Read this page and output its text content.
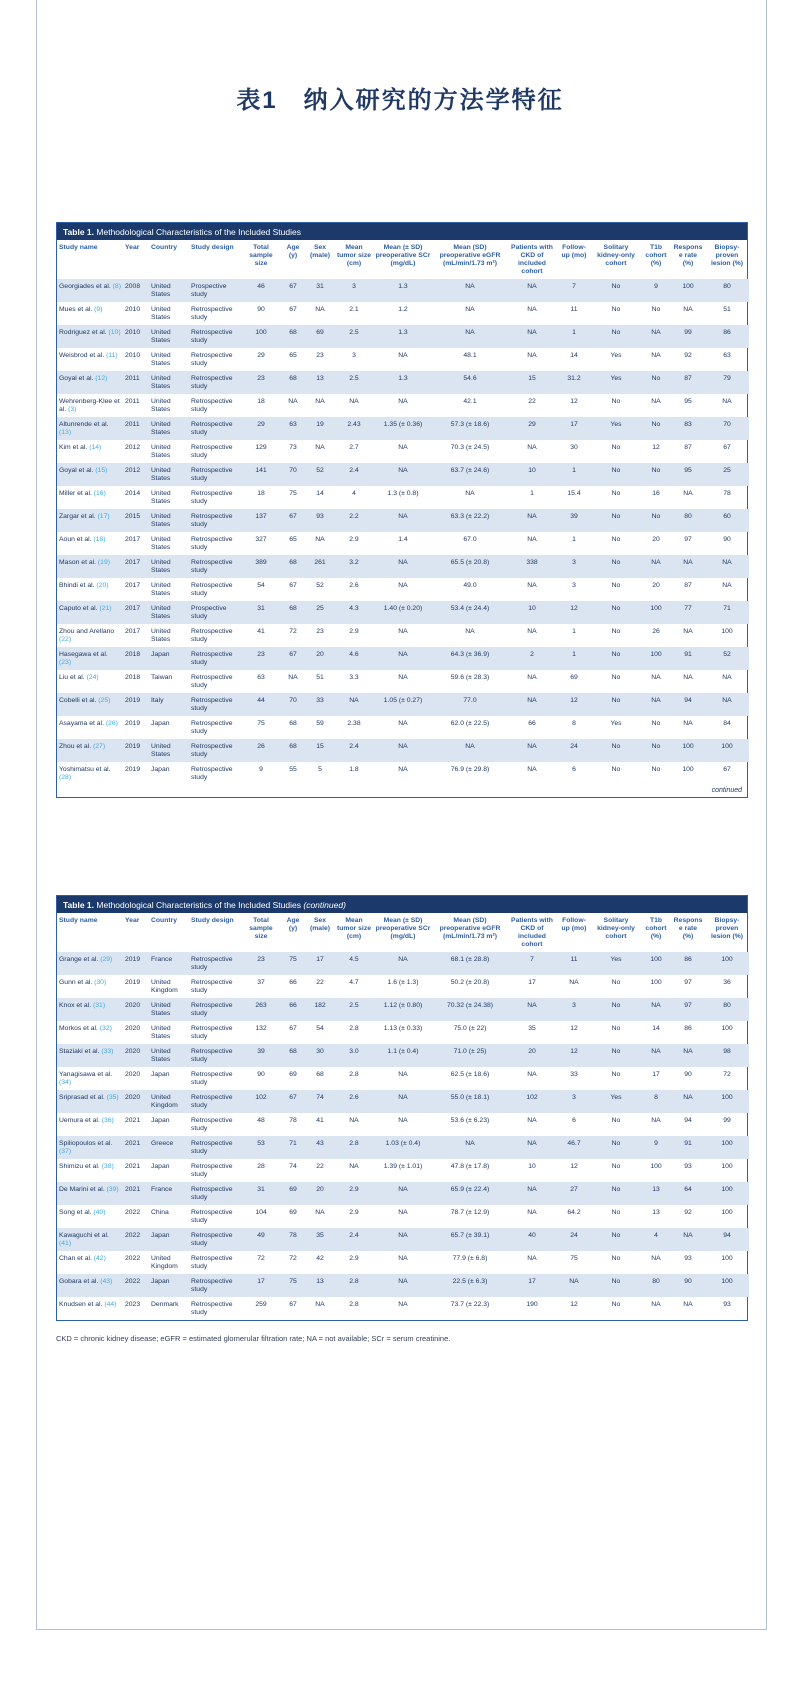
表1　纳入研究的方法学特征
Table 1. Methodological Characteristics of the Included Studies
Study name	Year	Country	Study design	Total sample size	Age (y)	Sex (male)	Mean tumor size (cm)	Mean (± SD) preoperative SCr (mg/dL)	Mean (SD) preoperative eGFR (mL/min/1.73 m²)	Patients with CKD of included cohort	Follow-up (mo)	Solitary kidney-only cohort	T1b cohort (%)	Response rate (%)	Biopsy-proven lesion (%)
Georgiades et al. (8)	2008	United States	Prospective study	46	67	31	3	1.3	NA	NA	7	No	9	100	80
Mues et al. (9)	2010	United States	Retrospective study	90	67	NA	2.1	1.2	NA	NA	11	No	No	NA	51
Rodriguez et al. (10)	2010	United States	Retrospective study	100	68	69	2.5	1.3	NA	NA	1	No	NA	99	86
Weisbrod et al. (11)	2010	United States	Retrospective study	29	65	23	3	NA	48.1	NA	14	Yes	NA	92	63
Goyal et al. (12)	2011	United States	Retrospective study	23	68	13	2.5	1.3	54.6	15	31.2	Yes	No	87	79
Wehrenberg-Klee et al. (3)	2011	United States	Retrospective study	18	NA	NA	NA	NA	42.1	22	12	No	NA	95	NA
Altunrende et al. (13)	2011	United States	Retrospective study	29	63	19	2.43	1.35 (± 0.36)	57.3 (± 18.6)	29	17	Yes	No	83	70
Kim et al. (14)	2012	United States	Retrospective study	129	73	NA	2.7	NA	70.3 (± 24.5)	NA	30	No	12	87	67
Goyal et al. (15)	2012	United States	Retrospective study	141	70	52	2.4	NA	63.7 (± 24.6)	10	1	No	No	95	25
Miller et al. (16)	2014	United States	Retrospective study	18	75	14	4	1.3 (± 0.8)	NA	1	15.4	No	16	NA	78
Zargar et al. (17)	2015	United States	Retrospective study	137	67	93	2.2	NA	63.3 (± 22.2)	NA	39	No	No	80	60
Aoun et al. (18)	2017	United States	Retrospective study	327	65	NA	2.9	1.4	67.0	NA	1	No	20	97	90
Mason et al. (19)	2017	United States	Retrospective study	389	68	261	3.2	NA	65.5 (± 20.8)	338	3	No	NA	NA	NA
Bhindi et al. (20)	2017	United States	Retrospective study	54	67	52	2.6	NA	49.0	NA	3	No	20	87	NA
Caputo et al. (21)	2017	United States	Prospective study	31	68	25	4.3	1.40 (± 0.20)	53.4 (± 24.4)	10	12	No	100	77	71
Zhou and Arellano (22)	2017	United States	Retrospective study	41	72	23	2.9	NA	NA	NA	1	No	26	NA	100
Hasegawa et al. (23)	2018	Japan	Retrospective study	23	67	20	4.6	NA	64.3 (± 36.9)	2	1	No	100	91	52
Liu et al. (24)	2018	Taiwan	Retrospective study	63	NA	51	3.3	NA	59.6 (± 28.3)	NA	69	No	NA	NA	NA
Cobelli et al. (25)	2019	Italy	Retrospective study	44	70	33	NA	1.05 (± 0.27)	77.0	NA	12	No	NA	94	NA
Asayama et al. (26)	2019	Japan	Retrospective study	75	68	59	2.38	NA	62.0 (± 22.5)	66	8	Yes	No	NA	84
Zhou et al. (27)	2019	United States	Retrospective study	26	68	15	2.4	NA	NA	NA	24	No	No	100	100
Yoshimatsu et al. (28)	2019	Japan	Retrospective study	9	55	5	1.8	NA	76.9 (± 29.8)	NA	6	No	No	100	67
continued
Table 1. Methodological Characteristics of the Included Studies (continued)
Study name	Year	Country	Study design	Total sample size	Age (y)	Sex (male)	Mean tumor size (cm)	Mean (± SD) preoperative SCr (mg/dL)	Mean (SD) preoperative eGFR (mL/min/1.73 m²)	Patients with CKD of included cohort	Follow-up (mo)	Solitary kidney-only cohort	T1b cohort (%)	Response rate (%)	Biopsy-proven lesion (%)
Grange et al. (29)	2019	France	Retrospective study	23	75	17	4.5	NA	68.1 (± 28.8)	7	11	Yes	100	86	100
Gunn et al. (30)	2019	United Kingdom	Retrospective study	37	66	22	4.7	1.6 (± 1.3)	50.2 (± 20.8)	17	NA	No	100	97	36
Knox et al. (31)	2020	United States	Retrospective study	263	66	182	2.5	1.12 (± 0.80)	70.32 (± 24.38)	NA	3	No	NA	97	80
Morkos et al. (32)	2020	United States	Retrospective study	132	67	54	2.8	1.13 (± 0.33)	75.0 (± 22)	35	12	No	14	86	100
Staziaki et al. (33)	2020	United States	Retrospective study	39	68	30	3.0	1.1 (± 0.4)	71.0 (± 25)	20	12	No	NA	NA	98
Yanagisawa et al. (34)	2020	Japan	Retrospective study	90	69	68	2.8	NA	62.5 (± 18.6)	NA	33	No	17	90	72
Sriprasad et al. (35)	2020	United Kingdom	Retrospective study	102	67	74	2.6	NA	55.0 (± 18.1)	102	3	Yes	8	NA	100
Uemura et al. (36)	2021	Japan	Retrospective study	48	78	41	NA	NA	53.6 (± 6.23)	NA	6	No	NA	94	99
Spiliopoulos et al. (37)	2021	Greece	Retrospective study	53	71	43	2.8	1.03 (± 0.4)	NA	NA	46.7	No	9	91	100
Shimizu et al. (38)	2021	Japan	Retrospective study	28	74	22	NA	1.39 (± 1.01)	47.8 (± 17.8)	10	12	No	100	93	100
De Marini et al. (39)	2021	France	Retrospective study	31	69	20	2.9	NA	65.9 (± 22.4)	NA	27	No	13	64	100
Song et al. (40)	2022	China	Retrospective study	104	69	NA	2.9	NA	78.7 (± 12.9)	NA	64.2	No	13	92	100
Kawaguchi et al. (41)	2022	Japan	Retrospective study	49	78	35	2.4	NA	65.7 (± 39.1)	40	24	No	4	NA	94
Chan et al. (42)	2022	United Kingdom	Retrospective study	72	72	42	2.9	NA	77.9 (± 6.8)	NA	75	No	NA	93	100
Gobara et al. (43)	2022	Japan	Retrospective study	17	75	13	2.8	NA	22.5 (± 6.3)	17	NA	No	80	90	100
Knudsen et al. (44)	2023	Denmark	Retrospective study	259	67	NA	2.8	NA	73.7 (± 22.3)	190	12	No	NA	NA	93
CKD = chronic kidney disease; eGFR = estimated glomerular filtration rate; NA = not available; SCr = serum creatinine.
